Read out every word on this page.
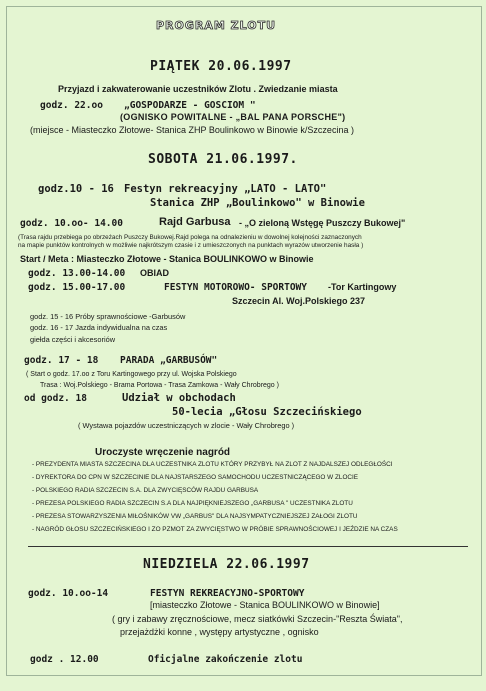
PROGRAM ZLOTU
PIĄTEK 20.06.1997
Przyjazd i zakwaterowanie uczestników Zlotu . Zwiedzanie miasta
godz. 22.oo „GOSPODARZE - GOSCIOM "
(OGNISKO POWITALNE - „BAL PANA PORSCHE")
(miejsce - Miasteczko Złotowe- Stanica ZHP Boulinkowo w Binowie k/Szczecina )
SOBOTA 21.06.1997.
godz.10 - 16 Festyn rekreacyjny „LATO - LATO"
Stanica ZHP „Boulinkowo" w Binowie
godz. 10.oo- 14.00	Rajd Garbusa - „O zieloną Wstęgę Puszczy Bukowej"
(Trasa rajdu przebiega po obrzeżach Puszczy Bukowej.Rajd polega na odnalezieniu w dowolnej kolejności zaznaczonych
na mapie punktów kontrolnych w możliwie najkrótszym czasie i z umieszczonych na punktach wyrazów utworzenie hasła )
Start / Meta : Miasteczko Złotowe - Stanica BOULINKOWO w Binowie
godz. 13.00-14.00 OBIAD
godz. 15.00-17.00	FESTYN MOTOROWO- SPORTOWY -Tor Kartingowy
Szczecin Al. Woj.Polskiego 237
godz. 15 - 16 Próby sprawnościowe -Garbusów
godz. 16 - 17 Jazda indywidualna na czas
giełda części i akcesoriów
godz. 17 - 18 PARADA „GARBUSÓW"
( Start o godz. 17.oo z Toru Kartingowego przy ul. Wojska Polskiego
Trasa : Woj.Polskiego - Brama Portowa - Trasa Zamkowa - Wały Chrobrego )
od godz. 18	Udział w obchodach
50-lecia „Głosu Szczecińskiego
( Wystawa pojazdów uczestniczących w zlocie - Wały Chrobrego )
Uroczyste wręczenie nagród
- PREZYDENTA MIASTA SZCZECINA DLA UCZESTNIKA ZLOTU KTÓRY PRZYBYŁ NA ZLOT Z NAJDALSZEJ ODLEGŁOŚCI
- DYREKTORA DO CPN W SZCZECINIE DLA NAJSTARSZEGO SAMOCHODU UCZESTNICZĄCEGO W ZLOCIE
- POLSKIEGO RADIA SZCZECIN S.A. DLA ZWYCIĘSCÓW RAJDU GARBUSA
- PREZESA POLSKIEGO RADIA SZCZECIN S.A DLA NAJPIĘKNIEJSZEGO „GARBUSA " UCZESTNIKA ZLOTU
- PREZESA STOWARZYSZENIA MIŁOŚNIKÓW VW „GARBUS" DLA NAJSYMPATYCZNIEJSZEJ ZAŁOGI ZLOTU
- NAGRÓD GŁOSU SZCZECIŃSKIEGO I ZO PZMOT ZA ZWYCIĘSTWO W PRÓBIE SPRAWNOŚCIOWEJ I JEŹDZIE NA CZAS
NIEDZIELA 22.06.1997
godz. 10.oo-14	FESTYN REKREACYJNO-SPORTOWY
[miasteczko Złotowe - Stanica BOULINKOWO w Binowie]
( gry i zabawy zręcznościowe, mecz siatkówki Szczecin-"Reszta Świata",
przejażdżki konne , występy artystyczne , ognisko
godz . 12.00	Oficjalne zakończenie zlotu
